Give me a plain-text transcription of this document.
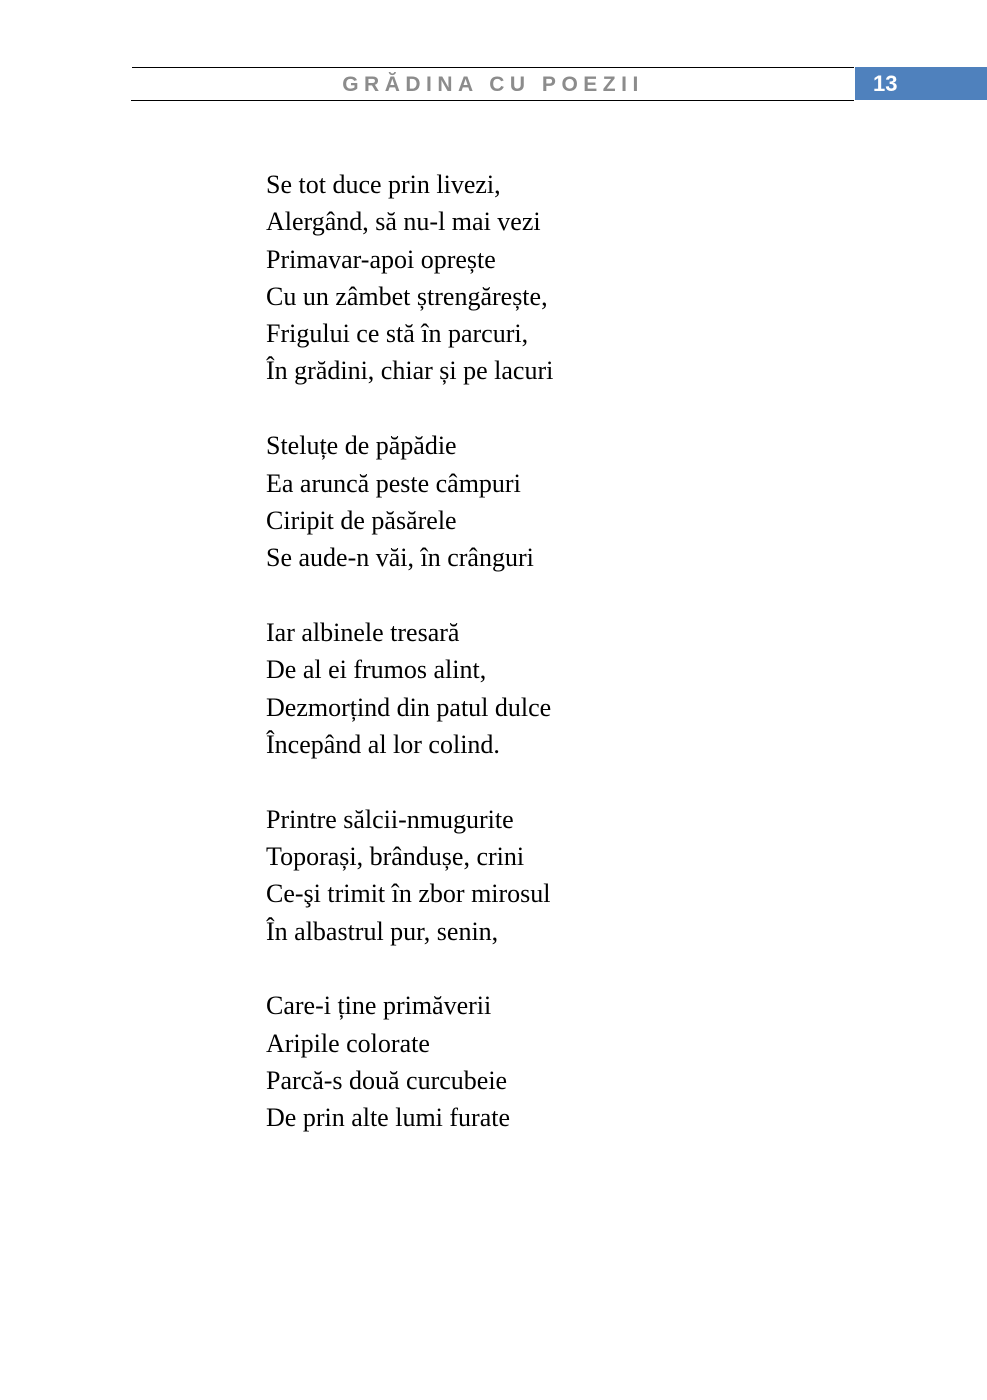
GRĂDINA CU POEZII	13
Se tot duce prin livezi,
Alergând, să nu-l mai vezi
Primavar-apoi oprește
Cu un zâmbet ștrengărește,
Frigului ce stă în parcuri,
În grădini, chiar și pe lacuri
Steluțe de păpădie
Ea aruncă peste câmpuri
Ciripit de păsărele
Se aude-n văi, în crânguri
Iar albinele tresară
De al ei frumos alint,
Dezmorțind din patul dulce
Începând al lor colind.
Printre sălcii-nmugurite
Toporași, brândușe, crini
Ce-şi trimit în zbor mirosul
În albastrul pur, senin,
Care-i ține primăverii
Aripile colorate
Parcă-s două curcubeie
De prin alte lumi furate
